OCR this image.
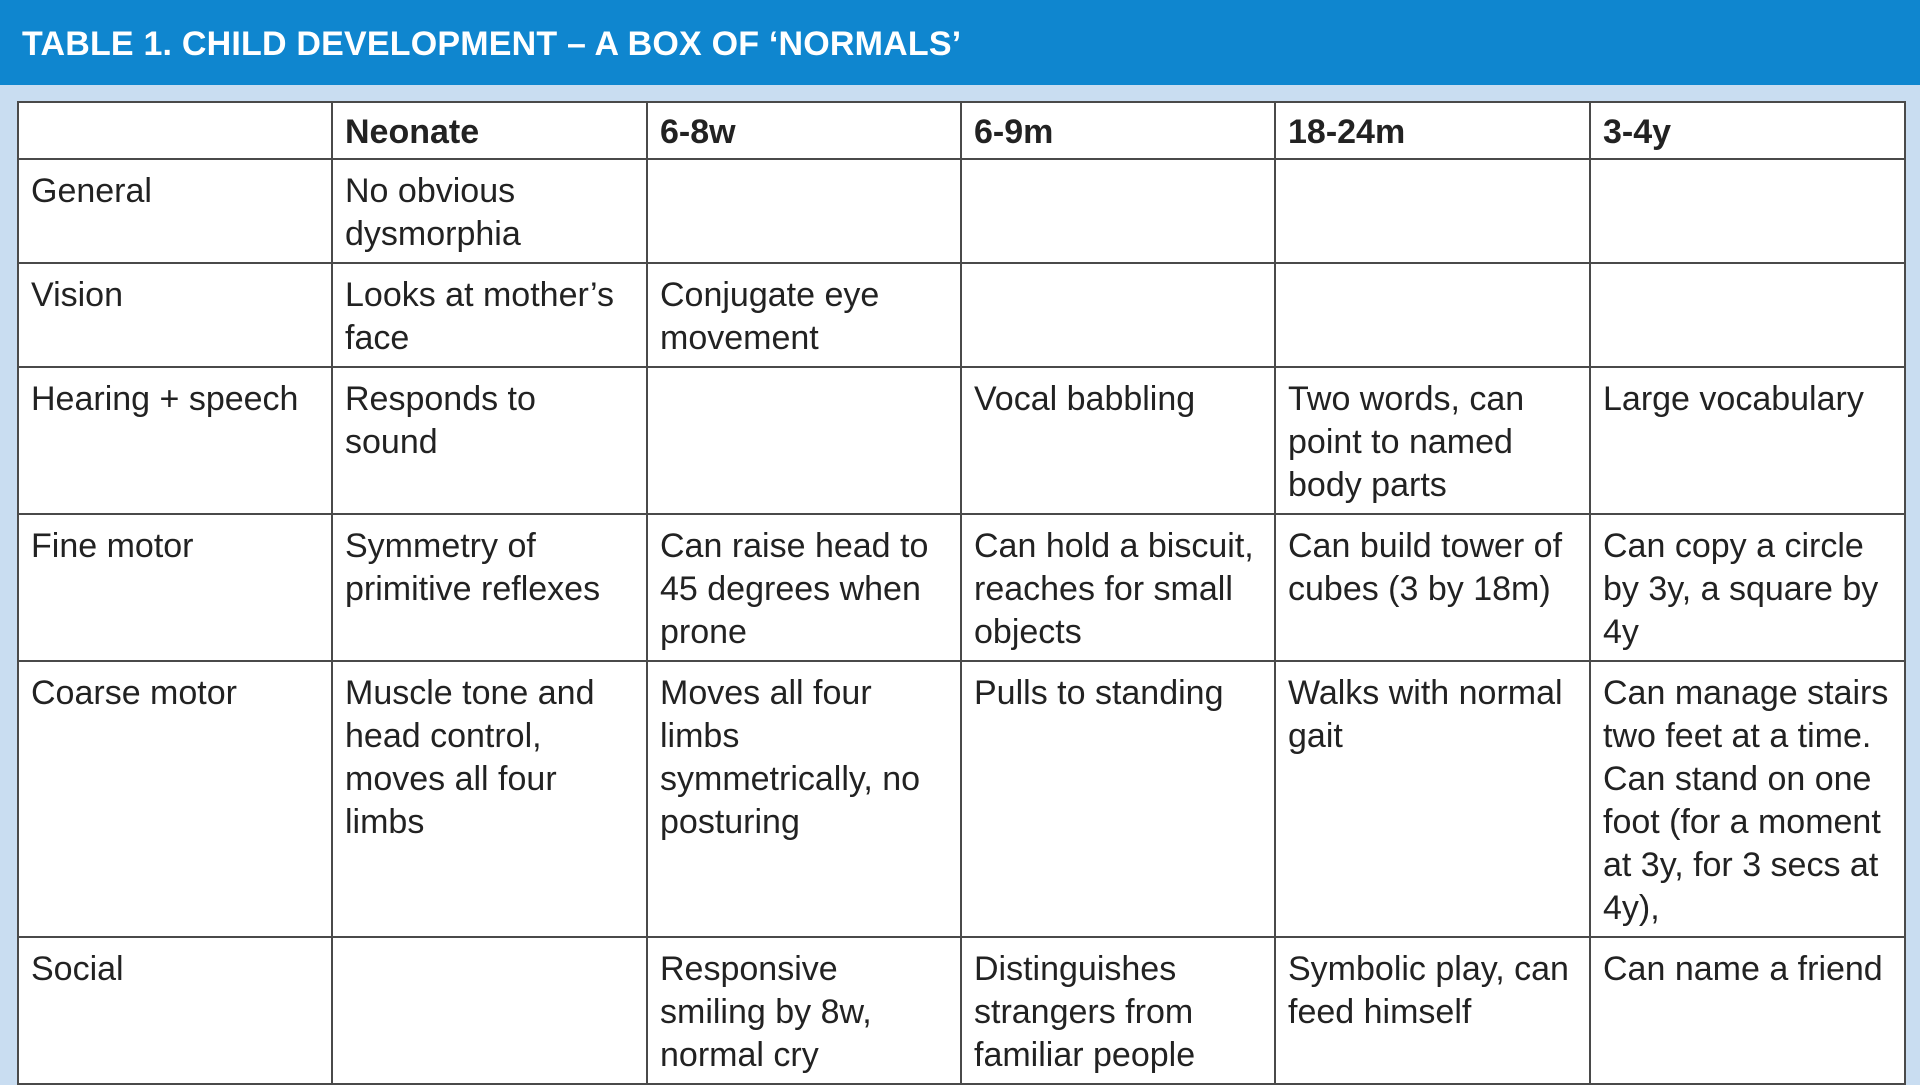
TABLE 1. CHILD DEVELOPMENT – A BOX OF ‘NORMALS’
	Neonate	6-8w	6-9m	18-24m	3-4y
General	No obvious dysmorphia				
Vision	Looks at mother’s face	Conjugate eye movement			
Hearing + speech	Responds to sound		Vocal babbling	Two words, can point to named body parts	Large vocabulary
Fine motor	Symmetry of primitive reflexes	Can raise head to 45 degrees when prone	Can hold a biscuit, reaches for small objects	Can build tower of cubes (3 by 18m)	Can copy a circle by 3y, a square by 4y
Coarse motor	Muscle tone and head control, moves all four limbs	Moves all four limbs symmetrically, no posturing	Pulls to standing	Walks with normal gait	Can manage stairs two feet at a time. Can stand on one foot (for a moment at 3y, for 3 secs at 4y),
Social		Responsive smiling by 8w, normal cry	Distinguishes strangers from familiar people	Symbolic play, can feed himself	Can name a friend
